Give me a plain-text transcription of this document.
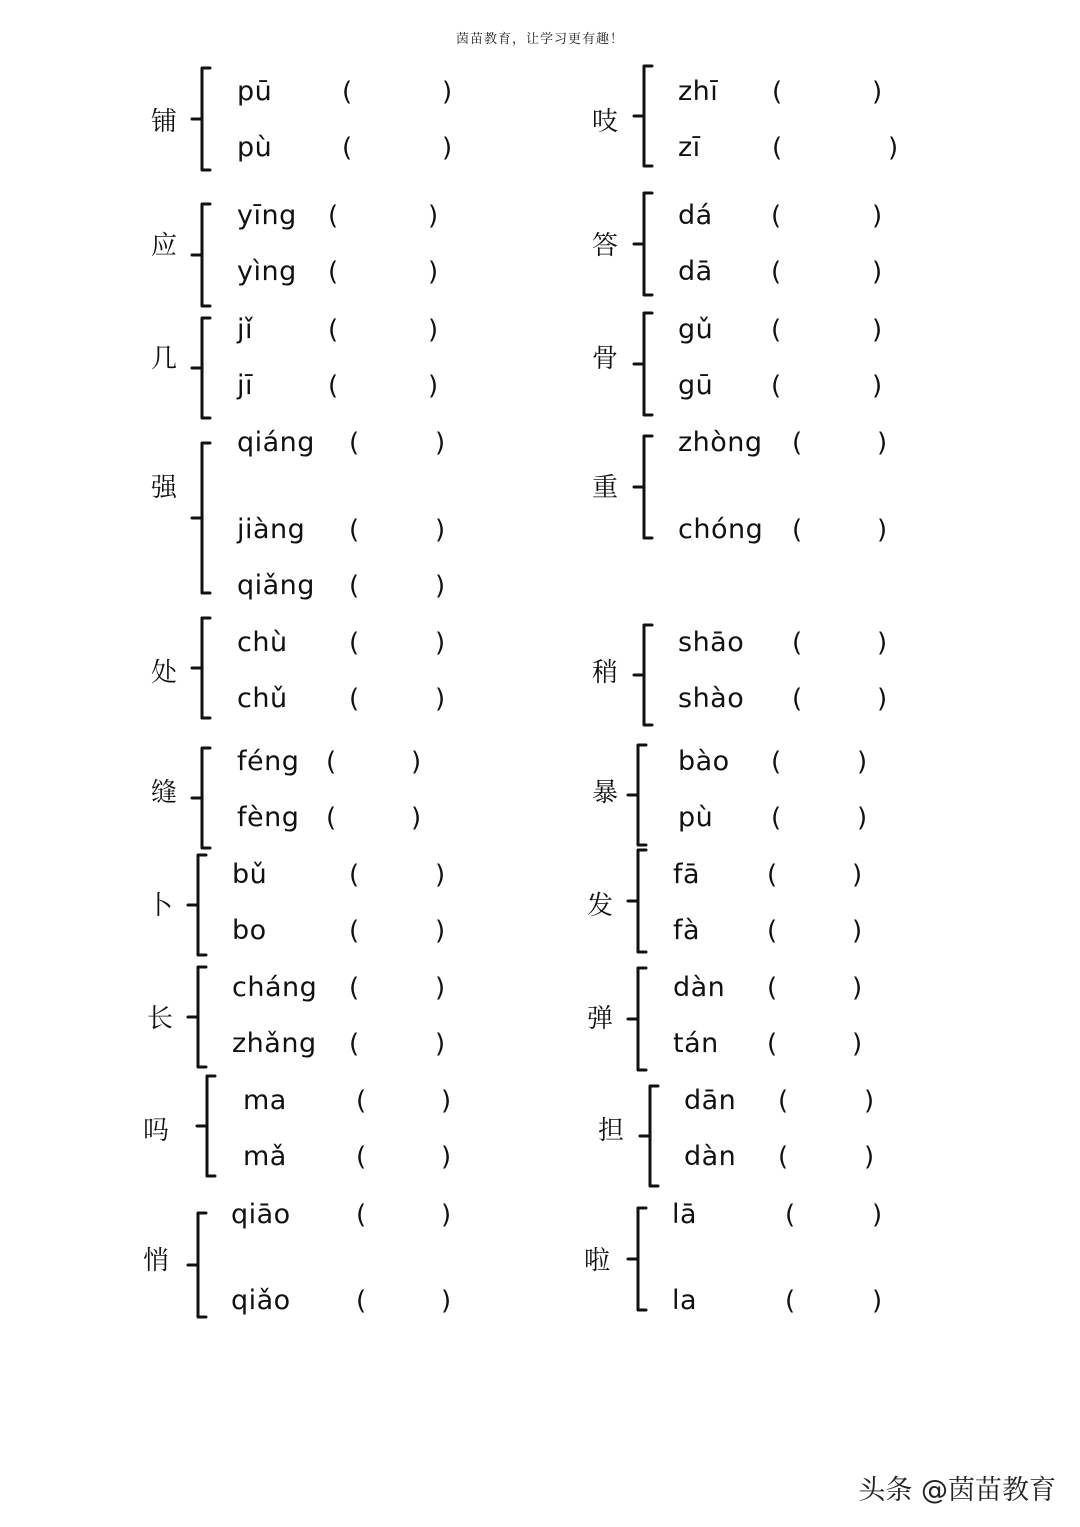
茵苗教育，让学习更有趣！
铺
pū	(	)
pù	(	)
吱
zhī (	)
zī	(	)
应
yīng (	)
yìng (	)
答
dá (	)
dā (	)
几
jǐ	(	)
jī	(	)
骨
gǔ (	)
gū (	)
强
qiáng (	)
jiàng (	)
qiǎng (	)
重
zhòng (	)
chóng (	)
处
chù (	)
chǔ (	)
稍
shāo (	)
shào (	)
缝
féng (	)
fèng (	)
暴
bào (	)
pù (	)
卜
bǔ	(	)
bo	(	)
发
fā	(	)
fà	(	)
长
cháng (	)
zhǎng (	)
弹
dàn (	)
tán (	)
吗
ma	(	)
mǎ	(	)
担
dān (	)
dàn (	)
悄
qiāo	(	)
qiǎo	(	)
啦
lā	(	)
la	(	)
头条 @茵苗教育
